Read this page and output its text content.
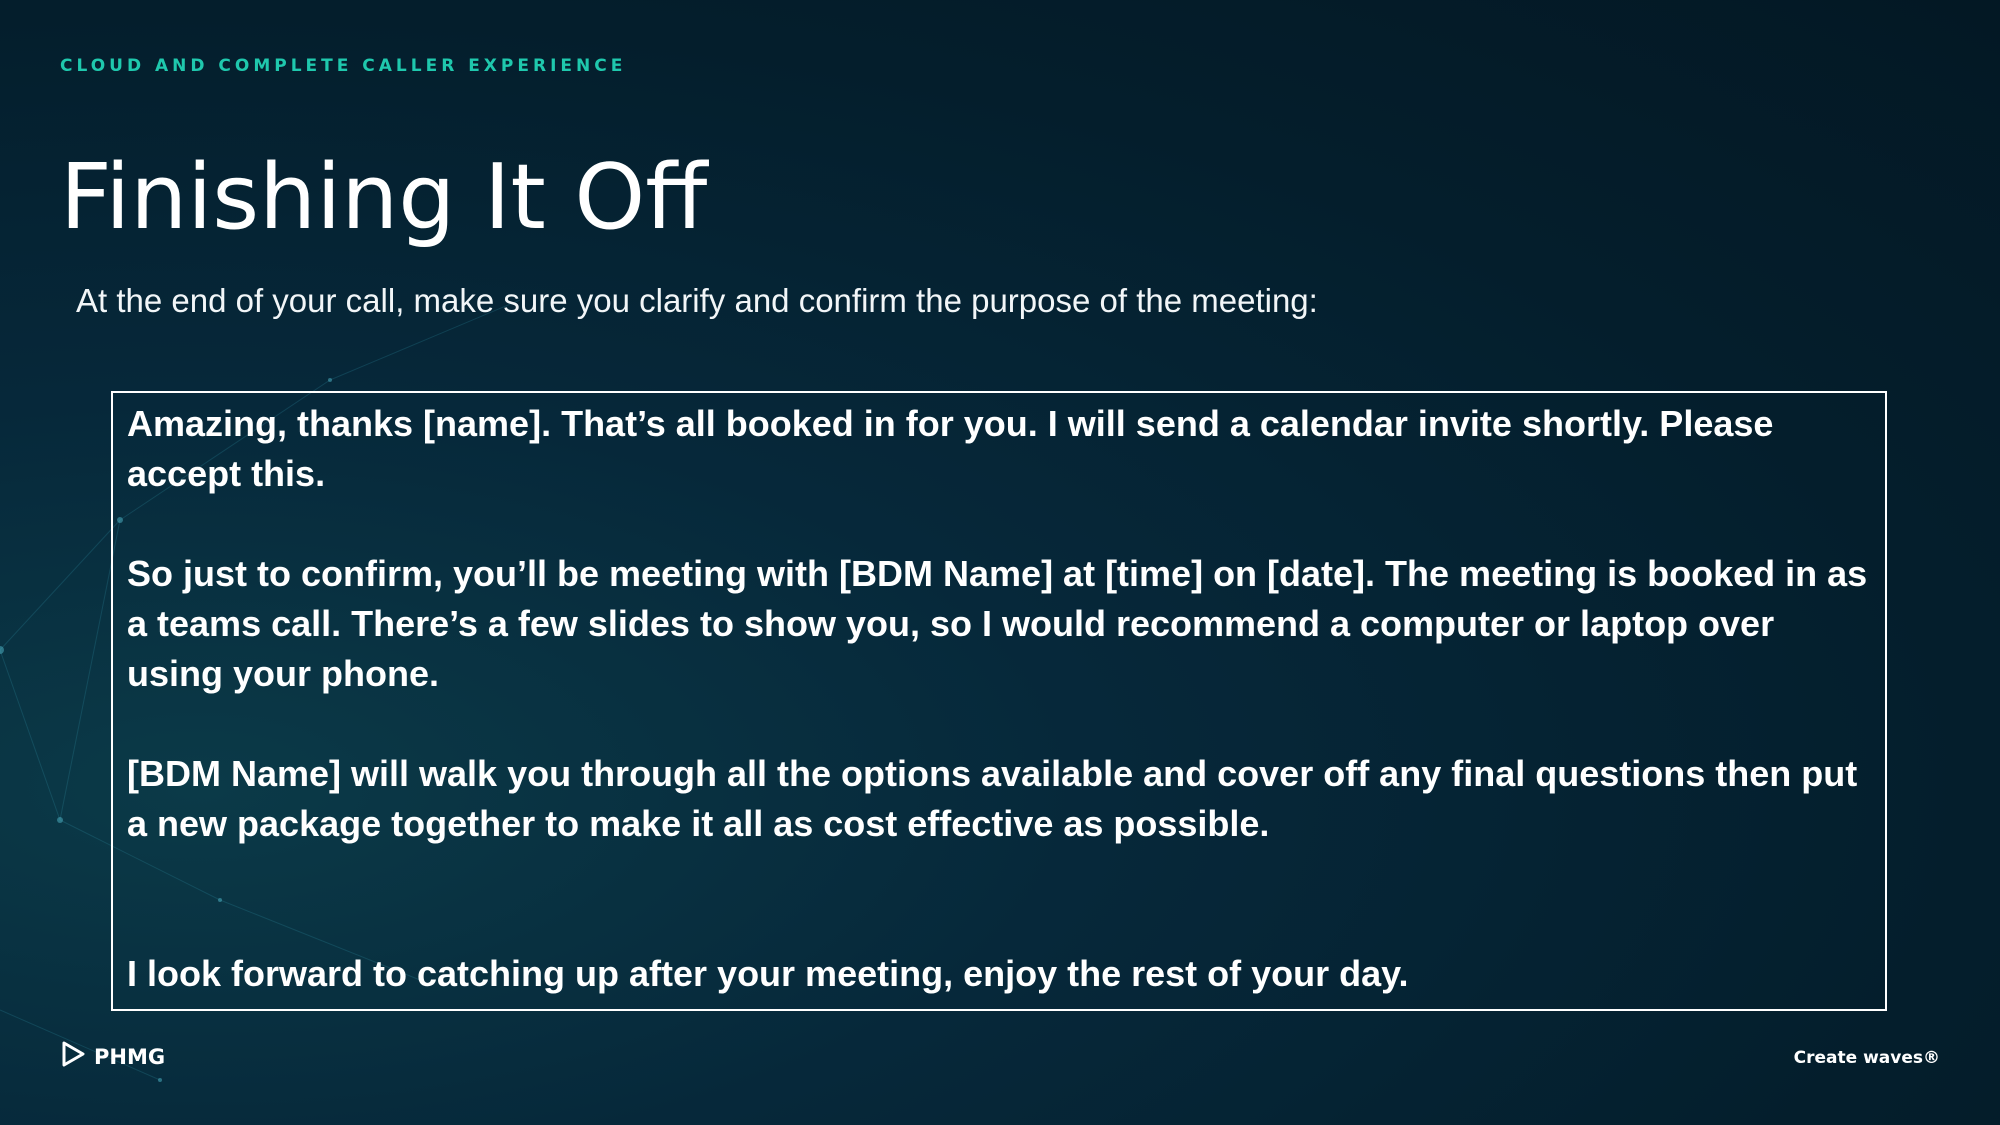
CLOUD AND COMPLETE CALLER EXPERIENCE
Finishing It Off
At the end of your call, make sure you clarify and confirm the purpose of the meeting:

Amazing, thanks [name]. That’s all booked in for you. I will send a calendar invite shortly. Please accept this.

So just to confirm, you’ll be meeting with [BDM Name] at [time] on [date]. The meeting is booked in as a teams call. There’s a few slides to show you, so I would recommend a computer or laptop over using your phone.

[BDM Name] will walk you through all the options available and cover off any final questions then put a new package together to make it all as cost effective as possible.

I look forward to catching up after your meeting, enjoy the rest of your day.

PHMG	Create waves®
